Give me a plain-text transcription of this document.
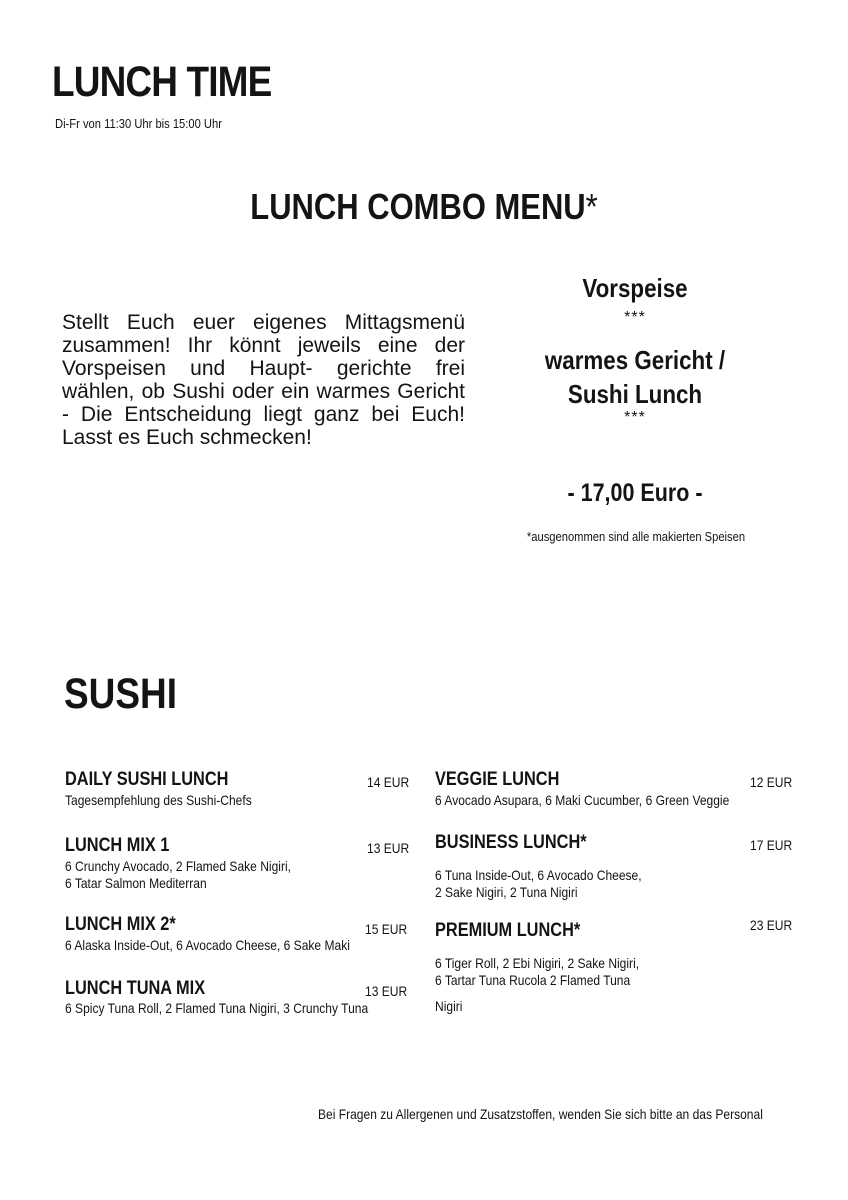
LUNCH TIME
Di-Fr von 11:30 Uhr bis 15:00 Uhr
LUNCH COMBO MENU*
Stellt Euch euer eigenes Mittagsmenü zusammen! Ihr könnt jeweils eine der Vorspeisen und Haupt- gerichte frei wählen, ob Sushi oder ein warmes Gericht - Die Entscheidung liegt ganz bei Euch! Lasst es Euch schmecken!
Vorspeise
***
warmes Gericht / Sushi Lunch
***
- 17,00 Euro -
*ausgenommen sind alle makierten Speisen
SUSHI
DAILY SUSHI LUNCH	14 EUR
Tagesempfehlung des Sushi-Chefs
LUNCH MIX 1	13 EUR
6 Crunchy Avocado, 2 Flamed Sake Nigiri,
6 Tatar Salmon Mediterran
LUNCH MIX 2*	15 EUR
6 Alaska Inside-Out, 6 Avocado Cheese, 6 Sake Maki
LUNCH TUNA MIX	13 EUR
6 Spicy Tuna Roll, 2 Flamed Tuna Nigiri, 3 Crunchy Tuna
VEGGIE LUNCH	12 EUR
6 Avocado Asupara, 6 Maki Cucumber, 6 Green Veggie
BUSINESS LUNCH*	17 EUR
6 Tuna Inside-Out, 6 Avocado Cheese,
2 Sake Nigiri, 2 Tuna Nigiri
PREMIUM LUNCH*	23 EUR
6 Tiger Roll, 2 Ebi Nigiri, 2 Sake Nigiri,
6 Tartar Tuna Rucola 2 Flamed Tuna
Nigiri
Bei Fragen zu Allergenen und Zusatzstoffen, wenden Sie sich bitte an das Personal
